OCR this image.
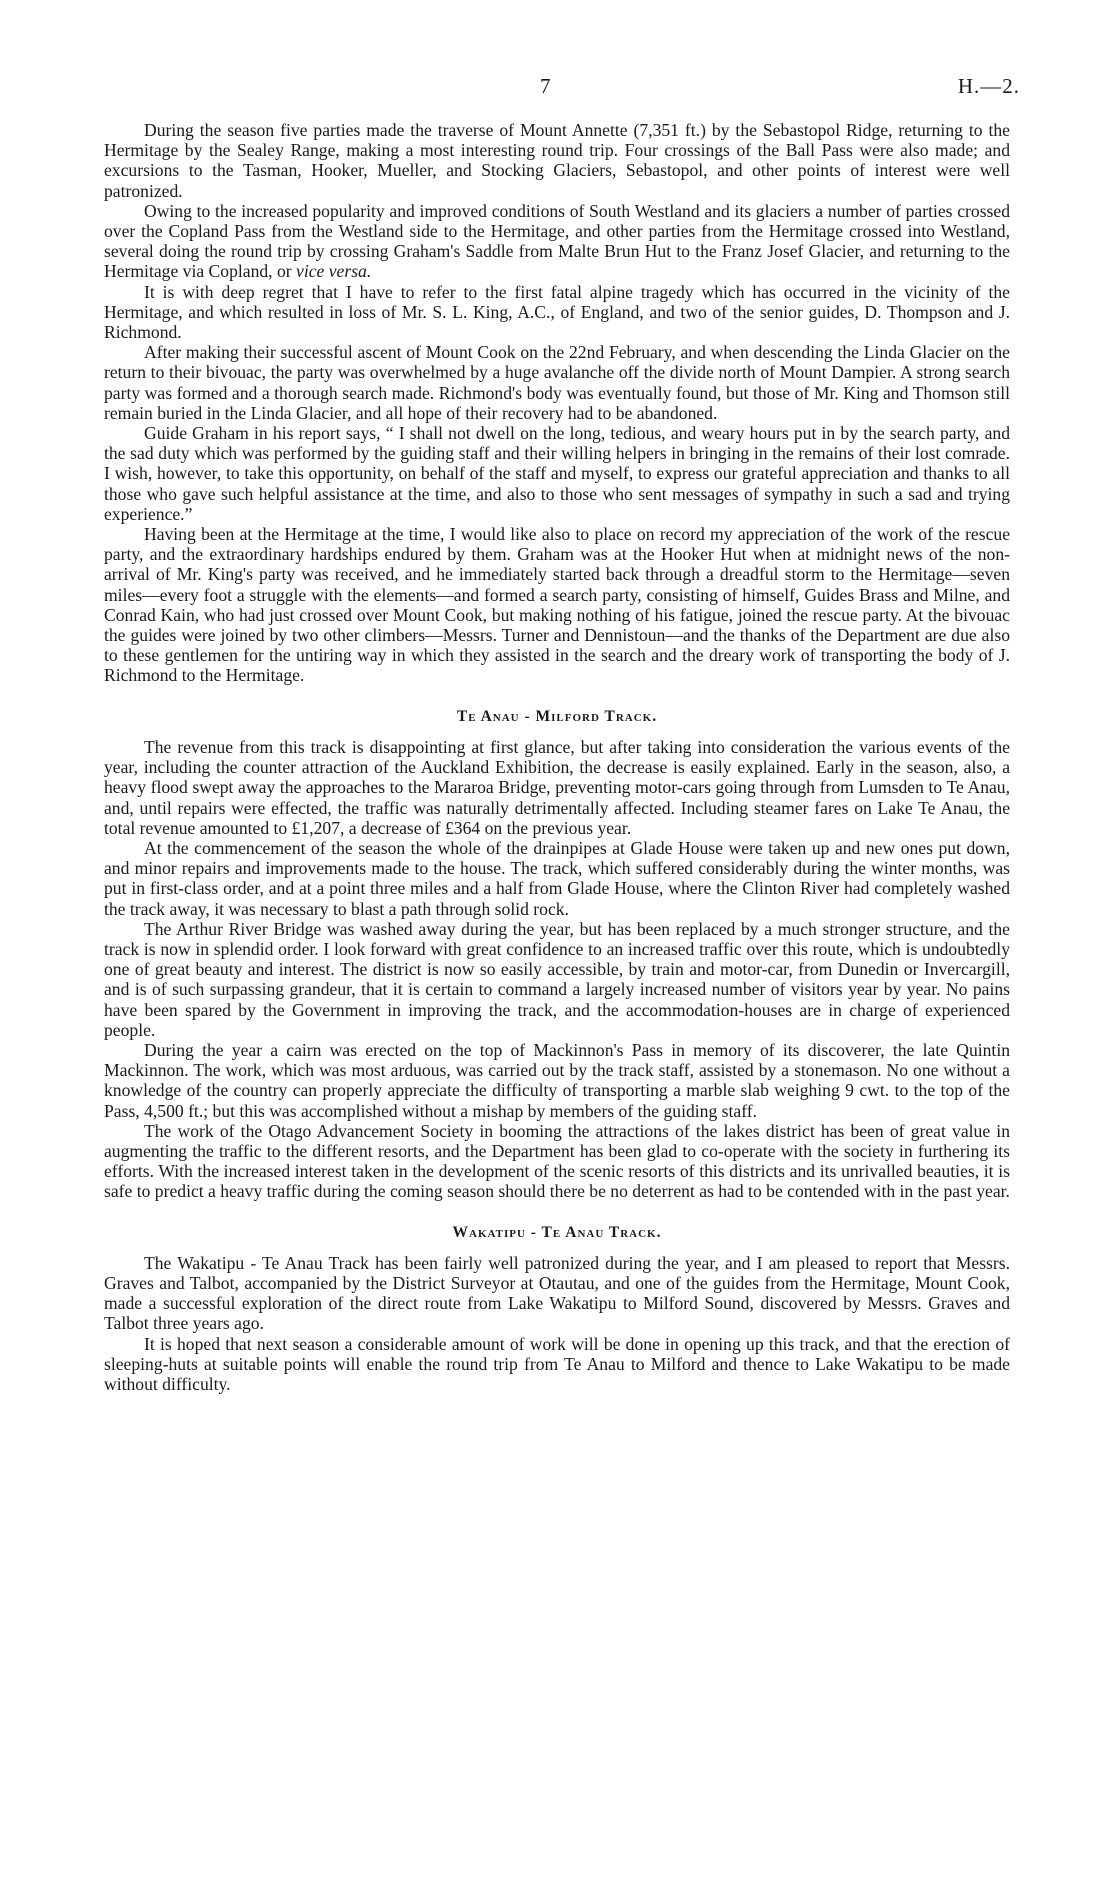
7	H.—2.

During the season five parties made the traverse of Mount Annette (7,351 ft.) by the Sebastopol Ridge, returning to the Hermitage by the Sealey Range, making a most interesting round trip. Four crossings of the Ball Pass were also made; and excursions to the Tasman, Hooker, Mueller, and Stocking Glaciers, Sebastopol, and other points of interest were well patronized.

Owing to the increased popularity and improved conditions of South Westland and its glaciers a number of parties crossed over the Copland Pass from the Westland side to the Hermitage, and other parties from the Hermitage crossed into Westland, several doing the round trip by crossing Graham's Saddle from Malte Brun Hut to the Franz Josef Glacier, and returning to the Hermitage via Copland, or vice versa.

It is with deep regret that I have to refer to the first fatal alpine tragedy which has occurred in the vicinity of the Hermitage, and which resulted in loss of Mr. S. L. King, A.C., of England, and two of the senior guides, D. Thompson and J. Richmond.

After making their successful ascent of Mount Cook on the 22nd February, and when descending the Linda Glacier on the return to their bivouac, the party was overwhelmed by a huge avalanche off the divide north of Mount Dampier. A strong search party was formed and a thorough search made. Richmond's body was eventually found, but those of Mr. King and Thomson still remain buried in the Linda Glacier, and all hope of their recovery had to be abandoned.

Guide Graham in his report says, “ I shall not dwell on the long, tedious, and weary hours put in by the search party, and the sad duty which was performed by the guiding staff and their willing helpers in bringing in the remains of their lost comrade. I wish, however, to take this opportunity, on behalf of the staff and myself, to express our grateful appreciation and thanks to all those who gave such helpful assistance at the time, and also to those who sent messages of sympathy in such a sad and trying experience.”

Having been at the Hermitage at the time, I would like also to place on record my appreciation of the work of the rescue party, and the extraordinary hardships endured by them. Graham was at the Hooker Hut when at midnight news of the non-arrival of Mr. King's party was received, and he immediately started back through a dreadful storm to the Hermitage—seven miles—every foot a struggle with the elements—and formed a search party, consisting of himself, Guides Brass and Milne, and Conrad Kain, who had just crossed over Mount Cook, but making nothing of his fatigue, joined the rescue party. At the bivouac the guides were joined by two other climbers—Messrs. Turner and Dennistoun—and the thanks of the Department are due also to these gentlemen for the untiring way in which they assisted in the search and the dreary work of transporting the body of J. Richmond to the Hermitage.

Te Anau - Milford Track.

The revenue from this track is disappointing at first glance, but after taking into consideration the various events of the year, including the counter attraction of the Auckland Exhibition, the decrease is easily explained. Early in the season, also, a heavy flood swept away the approaches to the Mararoa Bridge, preventing motor-cars going through from Lumsden to Te Anau, and, until repairs were effected, the traffic was naturally detrimentally affected. Including steamer fares on Lake Te Anau, the total revenue amounted to £1,207, a decrease of £364 on the previous year.

At the commencement of the season the whole of the drainpipes at Glade House were taken up and new ones put down, and minor repairs and improvements made to the house. The track, which suffered considerably during the winter months, was put in first-class order, and at a point three miles and a half from Glade House, where the Clinton River had completely washed the track away, it was necessary to blast a path through solid rock.

The Arthur River Bridge was washed away during the year, but has been replaced by a much stronger structure, and the track is now in splendid order. I look forward with great confidence to an increased traffic over this route, which is undoubtedly one of great beauty and interest. The district is now so easily accessible, by train and motor-car, from Dunedin or Invercargill, and is of such surpassing grandeur, that it is certain to command a largely increased number of visitors year by year. No pains have been spared by the Government in improving the track, and the accommodation-houses are in charge of experienced people.

During the year a cairn was erected on the top of Mackinnon's Pass in memory of its discoverer, the late Quintin Mackinnon. The work, which was most arduous, was carried out by the track staff, assisted by a stonemason. No one without a knowledge of the country can properly appreciate the difficulty of transporting a marble slab weighing 9 cwt. to the top of the Pass, 4,500 ft.; but this was accomplished without a mishap by members of the guiding staff.

The work of the Otago Advancement Society in booming the attractions of the lakes district has been of great value in augmenting the traffic to the different resorts, and the Department has been glad to co-operate with the society in furthering its efforts. With the increased interest taken in the development of the scenic resorts of this districts and its unrivalled beauties, it is safe to predict a heavy traffic during the coming season should there be no deterrent as had to be contended with in the past year.

Wakatipu - Te Anau Track.

The Wakatipu - Te Anau Track has been fairly well patronized during the year, and I am pleased to report that Messrs. Graves and Talbot, accompanied by the District Surveyor at Otautau, and one of the guides from the Hermitage, Mount Cook, made a successful exploration of the direct route from Lake Wakatipu to Milford Sound, discovered by Messrs. Graves and Talbot three years ago.

It is hoped that next season a considerable amount of work will be done in opening up this track, and that the erection of sleeping-huts at suitable points will enable the round trip from Te Anau to Milford and thence to Lake Wakatipu to be made without difficulty.
